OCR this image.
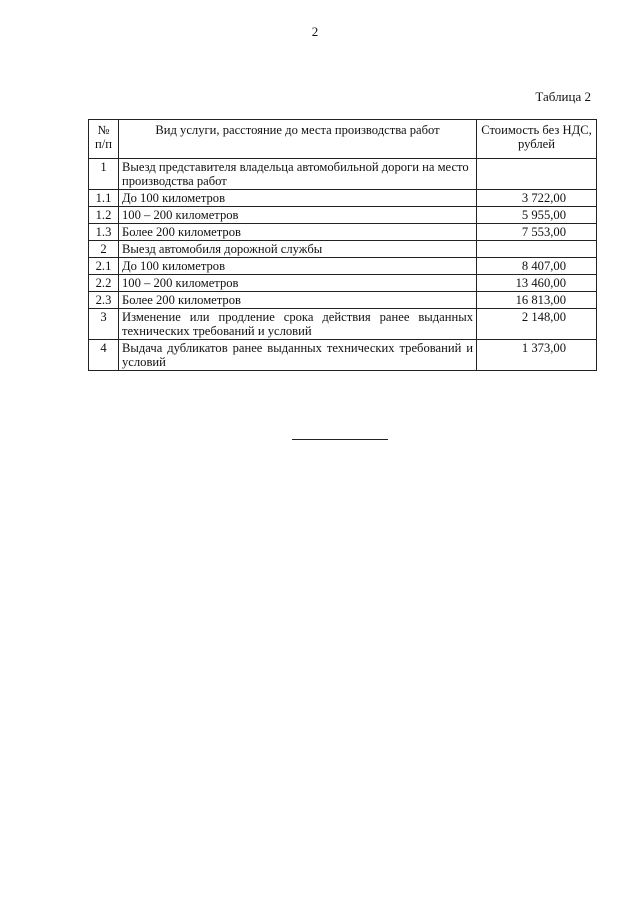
2
Таблица 2
№ п/п	Вид услуги, расстояние до места производства работ	Стоимость без НДС, рублей
1	Выезд представителя владельца автомобильной дороги на место производства работ	
1.1	До 100 километров	3 722,00
1.2	100 – 200 километров	5 955,00
1.3	Более 200 километров	7 553,00
2	Выезд автомобиля дорожной службы	
2.1	До 100 километров	8 407,00
2.2	100 – 200 километров	13 460,00
2.3	Более 200 километров	16 813,00
3	Изменение или продление срока действия ранее выданных технических требований и условий	2 148,00
4	Выдача дубликатов ранее выданных технических требований и условий	1 373,00
